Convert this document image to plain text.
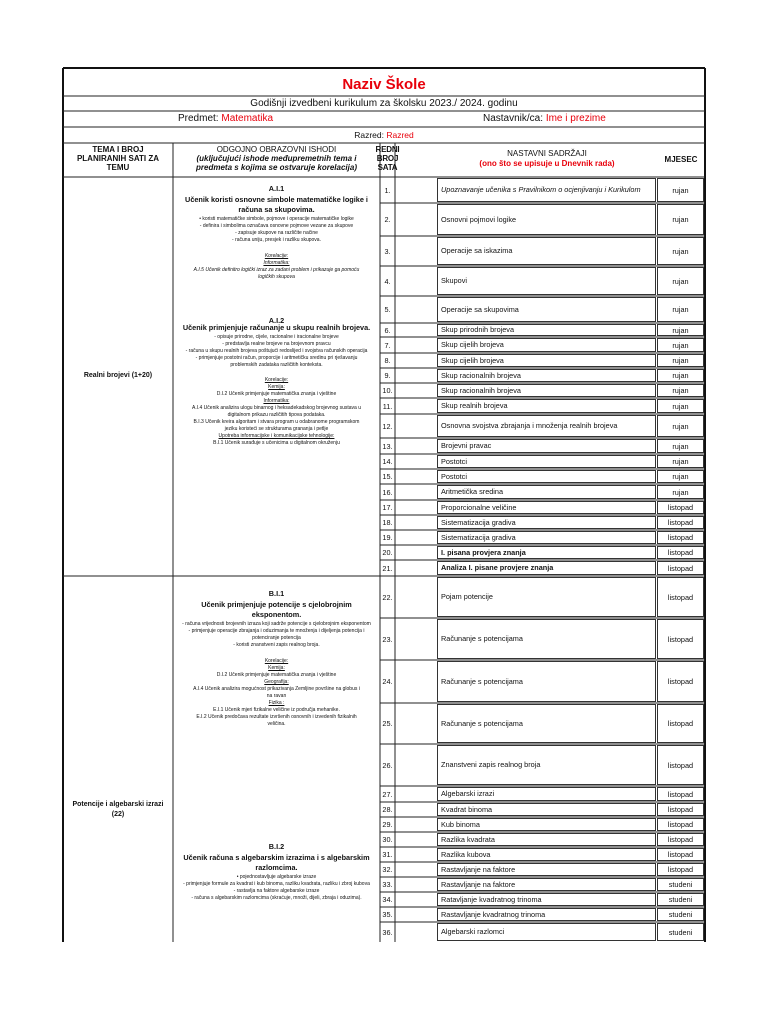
Naziv Škole
Godišnji izvedbeni kurikulum za školsku 2023./ 2024. godinu
Predmet: Matematika	Nastavnik/ca: Ime i prezime
Razred: Razred
TEMA I BROJ
PLANIRANIH SATI ZA
TEMU
ODGOJNO OBRAZOVNI ISHODI
(uključujući ishode međupremetnih tema i
predmeta s kojima se ostvaruje korelacija)
REDNI
BROJ
SATA
NASTAVNI SADRŽAJI
(ono što se upisuje u Dnevnik rada)	MJESEC
Realni brojevi (1+20)
Potencije i algebarski izrazi (22)
A.I.1
Učenik koristi osnovne simbole matematičke logike i računa sa skupovima.
• koristi matematičke simbole, pojmove i operacije matematičke logike
- definira i simbolima označava osnovne pojmove vezane za skupove
- zapisuje skupove na različite načine
- računa uniju, presjek i razliku skupova.
Korelacije:
Informatika:
A.I.5 Učenik definitro logički izraz za zadani problem i prikazuje ga pomoću logičkih skupova
A.I.2
Učenik primjenjuje računanje u skupu realnih brojeva.
- opisuje prirodne, cijele, racionalne i iracionalne brojeve
- predstavlja realne brojeve na brojevnom pravcu
- računa u skupu realnih brojeva poštujući redoslijed i svojstva računskih operacija
- primjenjuje postotni račun, proporcije i aritmetičku sredinu pri rješavanju problemskih zadataka različitih konteksta.
Korelacije:
Kemija:
D.I.2 Učenik primjenjuje matematička znanja i vještine
Informatika:
A.I.4 Učenik analizira ulogu binarnog i heksadekadskog brojevnog sustava u digitalnom prikazu različitih tipova podataka.
B.I.3 Učenik kreira algoritam i stvara program u odabranome programskom jeziku koristeći se strukturama grananja i petlje
Upotreba informacijske i komunikacijske tehnologije:
B.I.1 Učenik surađuje s učenicima u digitalnom okruženju
B.I.1
Učenik primjenjuje potencije s cjelobrojnim eksponentom.
- računa vrijednosti brojevnih izraza koji sadrže potencije s cjelobrojnim eksponentom
- primjenjuje operacije zbrajanja i oduzimanja te množenja i dijeljenja potencija i potenciranje potencija
- koristi znanstveni zapis realnog broja.
Korelacije:
Kemija:
D.I.2 Učenik primjenjuje matematička znanja i vještine
Geografija:
A.I.4 Učenik analizira mogućnost prikazivanja Zemljine površine na globus i na ravan
Fizika :
E.I.1 Učenik mjeri fizikalne veličine iz područja mehanike.
E.I.2 Učenik predočava rezultate izvršenih osnovnih i izvedenih fizikalnih veličina.
B.I.2
Učenik računa s algebarskim izrazima i s algebarskim razlomcima.
• pojednostavljuje algebarske izraze
- primjenjuje formule za kvadrat i kub binoma, razliku kvadrata, razliku i zbroj kubova
- rastavlja na faktore algebarske izraze
- računa s algebarskim razlomcima (skraćuje, množi, dijeli, zbraja i oduzima).
1.	Upoznavanje učenika s Pravilnikom o ocjenjivanju i Kurikulom	rujan
2.	Osnovni pojmovi logike	rujan
3.	Operacije sa iskazima	rujan
4.	Skupovi	rujan
5.	Operacije sa skupovima	rujan
6.	Skup prirodnih brojeva	rujan
7.	Skup cijelih brojeva	rujan
8.	Skup cijelih brojeva	rujan
9.	Skup racionalnih brojeva	rujan
10.	Skup racionalnih brojeva	rujan
11.	Skup realnih brojeva	rujan
12.	Osnovna svojstva zbrajanja i množenja realnih brojeva	rujan
13.	Brojevni pravac	rujan
14.	Postotci	rujan
15.	Postotci	rujan
16.	Aritmetička sredina	rujan
17.	Proporcionalne veličine	listopad
18.	Sistematizacija gradiva	listopad
19.	Sistematizacija gradiva	listopad
20.	I. pisana provjera znanja	listopad
21.	Analiza I. pisane provjere znanja	listopad
22.	Pojam potencije	listopad
23.	Računanje s potencijama	listopad
24.	Računanje s potencijama	listopad
25.	Računanje s potencijama	listopad
26.	Znanstveni zapis realnog broja	listopad
27.	Algebarski izrazi	listopad
28.	Kvadrat binoma	listopad
29.	Kub binoma	listopad
30.	Razlika kvadrata	listopad
31.	Razlika kubova	listopad
32.	Rastavljanje na faktore	listopad
33.	Rastavljanje na faktore	studeni
34.	Ratavljanje kvadratnog trinoma	studeni
35.	Rastavljanje kvadratnog trinoma	studeni
36.	Algebarski razlomci	studeni
